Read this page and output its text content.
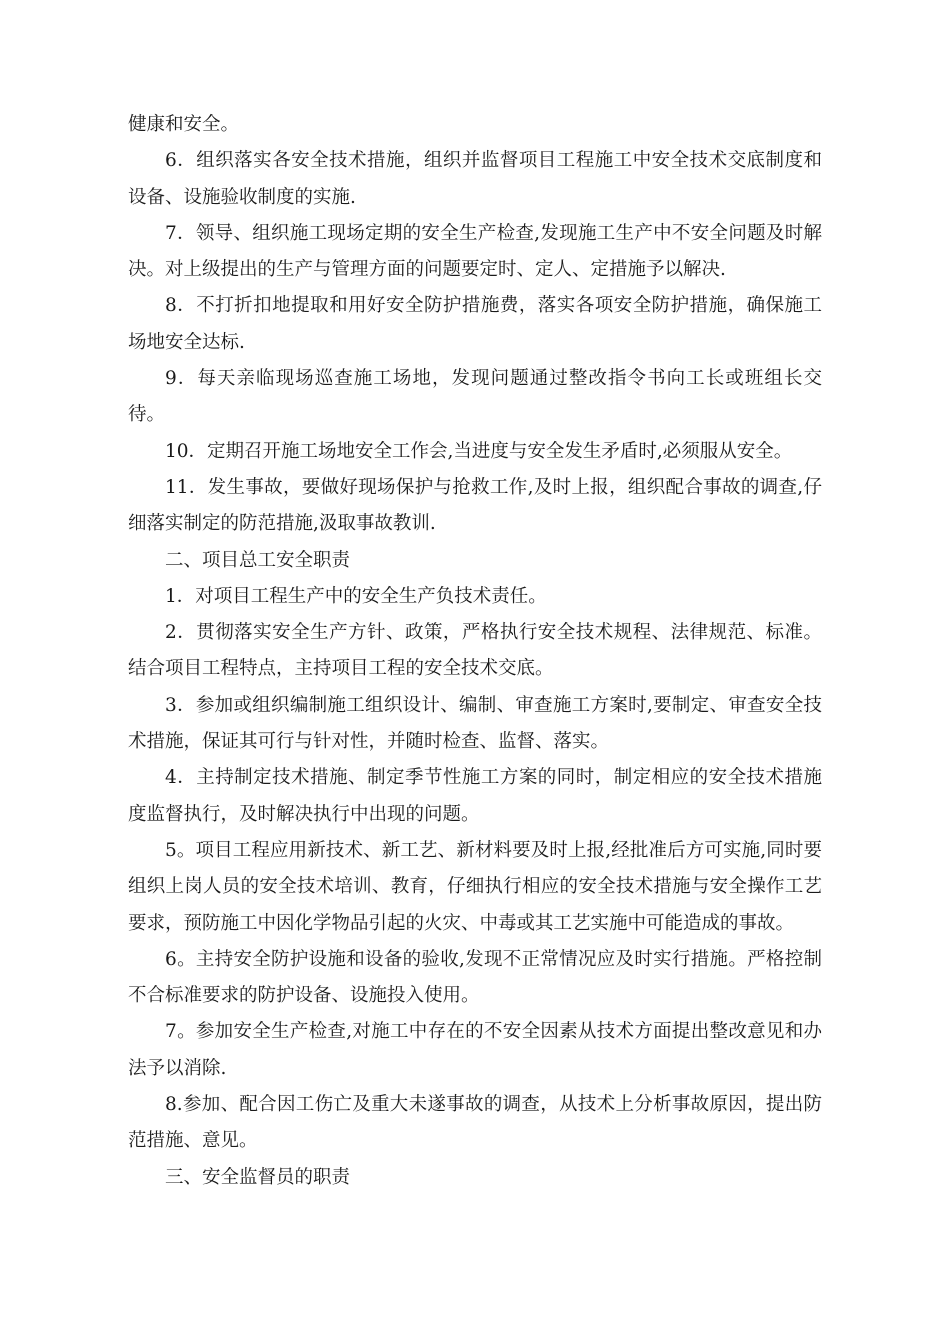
健康和安全。

6．组织落实各安全技术措施，组织并监督项目工程施工中安全技术交底制度和设备、设施验收制度的实施.

7．领导、组织施工现场定期的安全生产检查,发现施工生产中不安全问题及时解决。对上级提出的生产与管理方面的问题要定时、定人、定措施予以解决.

8．不打折扣地提取和用好安全防护措施费，落实各项安全防护措施，确保施工场地安全达标.

9．每天亲临现场巡查施工场地，发现问题通过整改指令书向工长或班组长交待。

10．定期召开施工场地安全工作会,当进度与安全发生矛盾时,必须服从安全。

11．发生事故，要做好现场保护与抢救工作,及时上报，组织配合事故的调查,仔细落实制定的防范措施,汲取事故教训.

二、项目总工安全职责

1．对项目工程生产中的安全生产负技术责任。

2．贯彻落实安全生产方针、政策，严格执行安全技术规程、法律规范、标准。结合项目工程特点，主持项目工程的安全技术交底。

3．参加或组织编制施工组织设计、编制、审查施工方案时,要制定、审查安全技术措施，保证其可行与针对性，并随时检查、监督、落实。

4．主持制定技术措施、制定季节性施工方案的同时，制定相应的安全技术措施度监督执行，及时解决执行中出现的问题。

5。项目工程应用新技术、新工艺、新材料要及时上报,经批准后方可实施,同时要组织上岗人员的安全技术培训、教育，仔细执行相应的安全技术措施与安全操作工艺要求，预防施工中因化学物品引起的火灾、中毒或其工艺实施中可能造成的事故。

6。主持安全防护设施和设备的验收,发现不正常情况应及时实行措施。严格控制不合标准要求的防护设备、设施投入使用。

7。参加安全生产检查,对施工中存在的不安全因素从技术方面提出整改意见和办法予以消除.

8.参加、配合因工伤亡及重大未遂事故的调查，从技术上分析事故原因，提出防范措施、意见。

三、安全监督员的职责
